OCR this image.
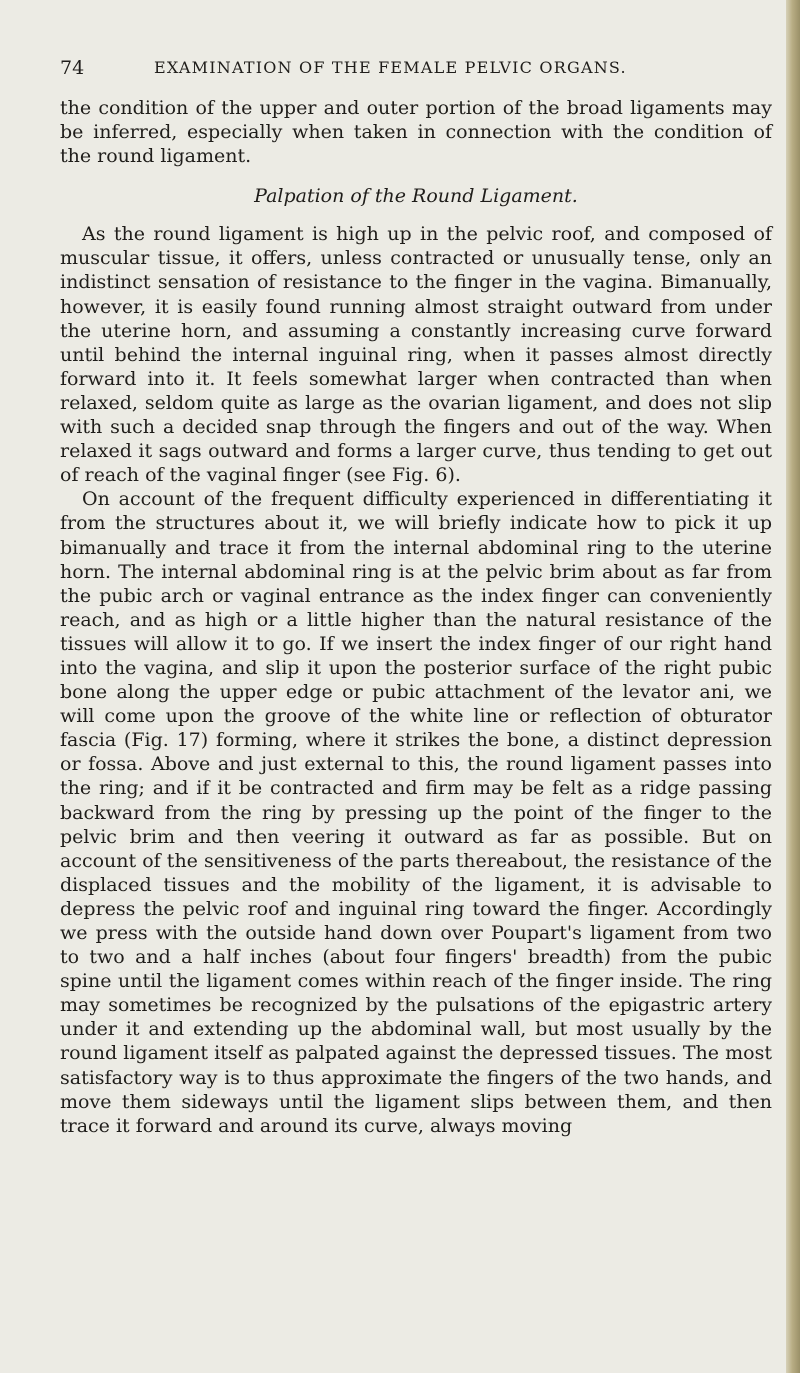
74	EXAMINATION OF THE FEMALE PELVIC ORGANS.

the condition of the upper and outer portion of the broad ligaments may be inferred, especially when taken in connection with the condition of the round ligament.

Palpation of the Round Ligament.

As the round ligament is high up in the pelvic roof, and composed of muscular tissue, it offers, unless contracted or unusually tense, only an indistinct sensation of resistance to the finger in the vagina. Bimanually, however, it is easily found running almost straight outward from under the uterine horn, and assuming a constantly increasing curve forward until behind the internal inguinal ring, when it passes almost directly forward into it. It feels somewhat larger when contracted than when relaxed, seldom quite as large as the ovarian ligament, and does not slip with such a decided snap through the fingers and out of the way. When relaxed it sags outward and forms a larger curve, thus tending to get out of reach of the vaginal finger (see Fig. 6).

On account of the frequent difficulty experienced in differentiating it from the structures about it, we will briefly indicate how to pick it up bimanually and trace it from the internal abdominal ring to the uterine horn. The internal abdominal ring is at the pelvic brim about as far from the pubic arch or vaginal entrance as the index finger can conveniently reach, and as high or a little higher than the natural resistance of the tissues will allow it to go. If we insert the index finger of our right hand into the vagina, and slip it upon the posterior surface of the right pubic bone along the upper edge or pubic attachment of the levator ani, we will come upon the groove of the white line or reflection of obturator fascia (Fig. 17) forming, where it strikes the bone, a distinct depression or fossa. Above and just external to this, the round ligament passes into the ring; and if it be contracted and firm may be felt as a ridge passing backward from the ring by pressing up the point of the finger to the pelvic brim and then veering it outward as far as possible. But on account of the sensitiveness of the parts thereabout, the resistance of the displaced tissues and the mobility of the ligament, it is advisable to depress the pelvic roof and inguinal ring toward the finger. Accordingly we press with the outside hand down over Poupart's ligament from two to two and a half inches (about four fingers' breadth) from the pubic spine until the ligament comes within reach of the finger inside. The ring may sometimes be recognized by the pulsations of the epigastric artery under it and extending up the abdominal wall, but most usually by the round ligament itself as palpated against the depressed tissues. The most satisfactory way is to thus approximate the fingers of the two hands, and move them sideways until the ligament slips between them, and then trace it forward and around its curve, always moving
